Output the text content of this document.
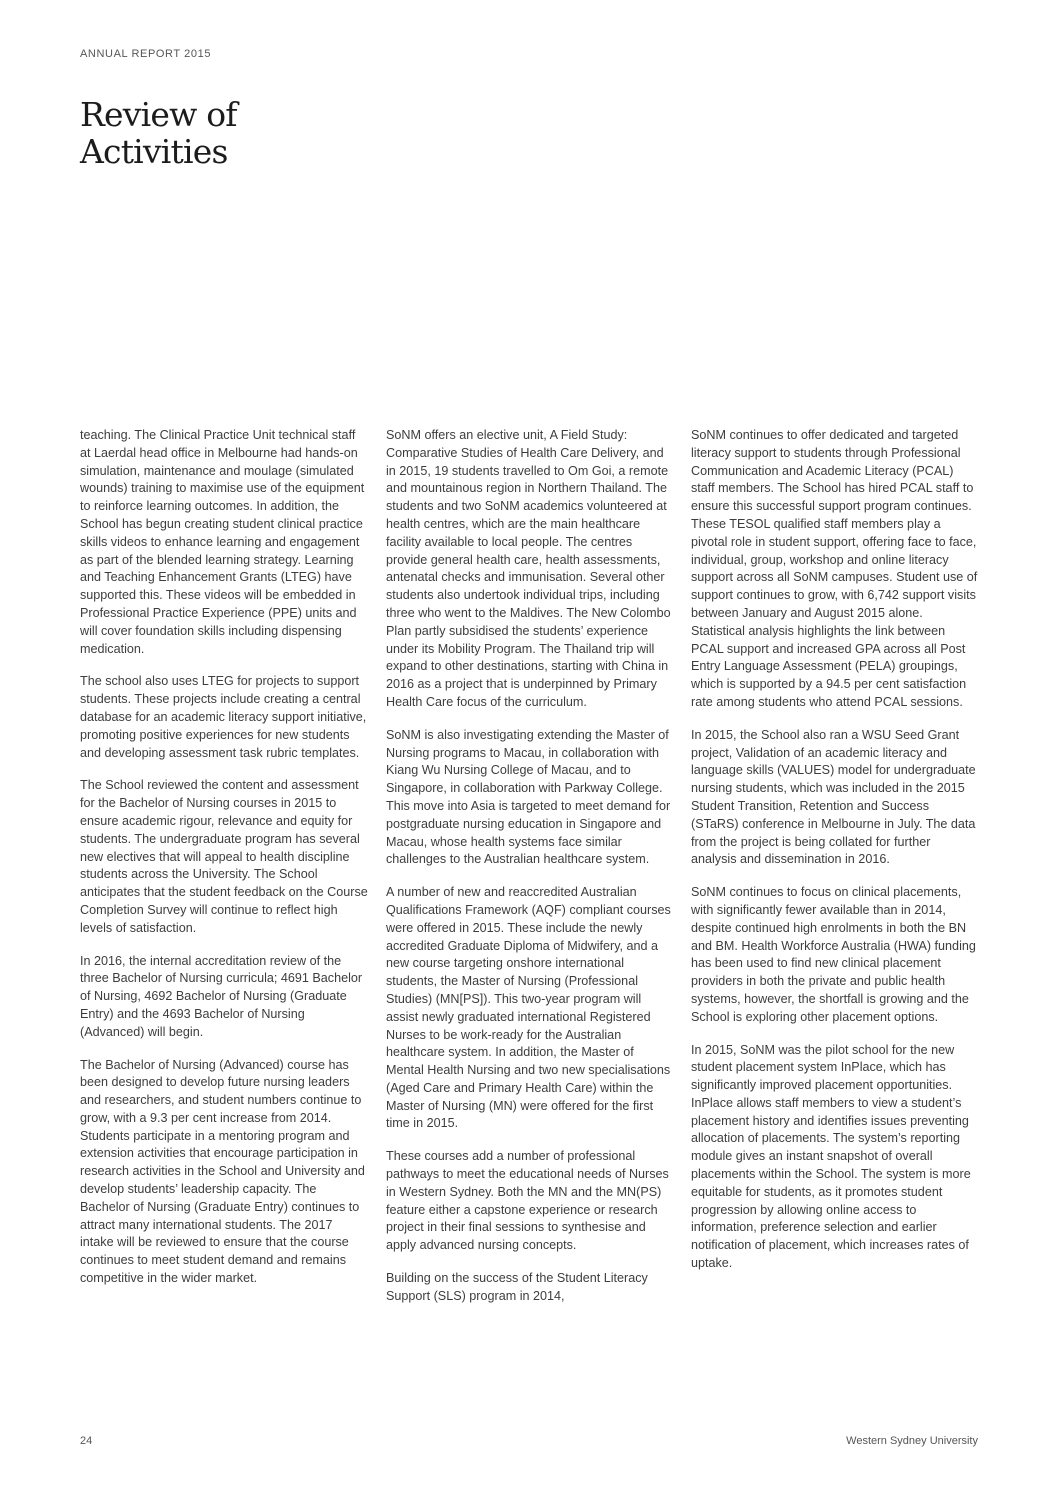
ANNUAL REPORT 2015
Review of
Activities

teaching. The Clinical Practice Unit technical staff at Laerdal head office in Melbourne had hands-on simulation, maintenance and moulage (simulated wounds) training to maximise use of the equipment to reinforce learning outcomes. In addition, the School has begun creating student clinical practice skills videos to enhance learning and engagement as part of the blended learning strategy. Learning and Teaching Enhancement Grants (LTEG) have supported this. These videos will be embedded in Professional Practice Experience (PPE) units and will cover foundation skills including dispensing medication.

The school also uses LTEG for projects to support students. These projects include creating a central database for an academic literacy support initiative, promoting positive experiences for new students and developing assessment task rubric templates.

The School reviewed the content and assessment for the Bachelor of Nursing courses in 2015 to ensure academic rigour, relevance and equity for students. The undergraduate program has several new electives that will appeal to health discipline students across the University. The School anticipates that the student feedback on the Course Completion Survey will continue to reflect high levels of satisfaction.

In 2016, the internal accreditation review of the three Bachelor of Nursing curricula; 4691 Bachelor of Nursing, 4692 Bachelor of Nursing (Graduate Entry) and the 4693 Bachelor of Nursing (Advanced) will begin.

The Bachelor of Nursing (Advanced) course has been designed to develop future nursing leaders and researchers, and student numbers continue to grow, with a 9.3 per cent increase from 2014. Students participate in a mentoring program and extension activities that encourage participation in research activities in the School and University and develop students’ leadership capacity. The Bachelor of Nursing (Graduate Entry) continues to attract many international students. The 2017 intake will be reviewed to ensure that the course continues to meet student demand and remains competitive in the wider market.

SoNM offers an elective unit, A Field Study: Comparative Studies of Health Care Delivery, and in 2015, 19 students travelled to Om Goi, a remote and mountainous region in Northern Thailand. The students and two SoNM academics volunteered at health centres, which are the main healthcare facility available to local people. The centres provide general health care, health assessments, antenatal checks and immunisation. Several other students also undertook individual trips, including three who went to the Maldives. The New Colombo Plan partly subsidised the students’ experience under its Mobility Program. The Thailand trip will expand to other destinations, starting with China in 2016 as a project that is underpinned by Primary Health Care focus of the curriculum.

SoNM is also investigating extending the Master of Nursing programs to Macau, in collaboration with Kiang Wu Nursing College of Macau, and to Singapore, in collaboration with Parkway College. This move into Asia is targeted to meet demand for postgraduate nursing education in Singapore and Macau, whose health systems face similar challenges to the Australian healthcare system.

A number of new and reaccredited Australian Qualifications Framework (AQF) compliant courses were offered in 2015. These include the newly accredited Graduate Diploma of Midwifery, and a new course targeting onshore international students, the Master of Nursing (Professional Studies) (MN[PS]). This two-year program will assist newly graduated international Registered Nurses to be work-ready for the Australian healthcare system. In addition, the Master of Mental Health Nursing and two new specialisations (Aged Care and Primary Health Care) within the Master of Nursing (MN) were offered for the first time in 2015.

These courses add a number of professional pathways to meet the educational needs of Nurses in Western Sydney. Both the MN and the MN(PS) feature either a capstone experience or research project in their final sessions to synthesise and apply advanced nursing concepts.

Building on the success of the Student Literacy Support (SLS) program in 2014,

SoNM continues to offer dedicated and targeted literacy support to students through Professional Communication and Academic Literacy (PCAL) staff members. The School has hired PCAL staff to ensure this successful support program continues. These TESOL qualified staff members play a pivotal role in student support, offering face to face, individual, group, workshop and online literacy support across all SoNM campuses. Student use of support continues to grow, with 6,742 support visits between January and August 2015 alone. Statistical analysis highlights the link between PCAL support and increased GPA across all Post Entry Language Assessment (PELA) groupings, which is supported by a 94.5 per cent satisfaction rate among students who attend PCAL sessions.

In 2015, the School also ran a WSU Seed Grant project, Validation of an academic literacy and language skills (VALUES) model for undergraduate nursing students, which was included in the 2015 Student Transition, Retention and Success (STaRS) conference in Melbourne in July. The data from the project is being collated for further analysis and dissemination in 2016.

SoNM continues to focus on clinical placements, with significantly fewer available than in 2014, despite continued high enrolments in both the BN and BM. Health Workforce Australia (HWA) funding has been used to find new clinical placement providers in both the private and public health systems, however, the shortfall is growing and the School is exploring other placement options.

In 2015, SoNM was the pilot school for the new student placement system InPlace, which has significantly improved placement opportunities. InPlace allows staff members to view a student’s placement history and identifies issues preventing allocation of placements. The system’s reporting module gives an instant snapshot of overall placements within the School. The system is more equitable for students, as it promotes student progression by allowing online access to information, preference selection and earlier notification of placement, which increases rates of uptake.

24	Western Sydney University
